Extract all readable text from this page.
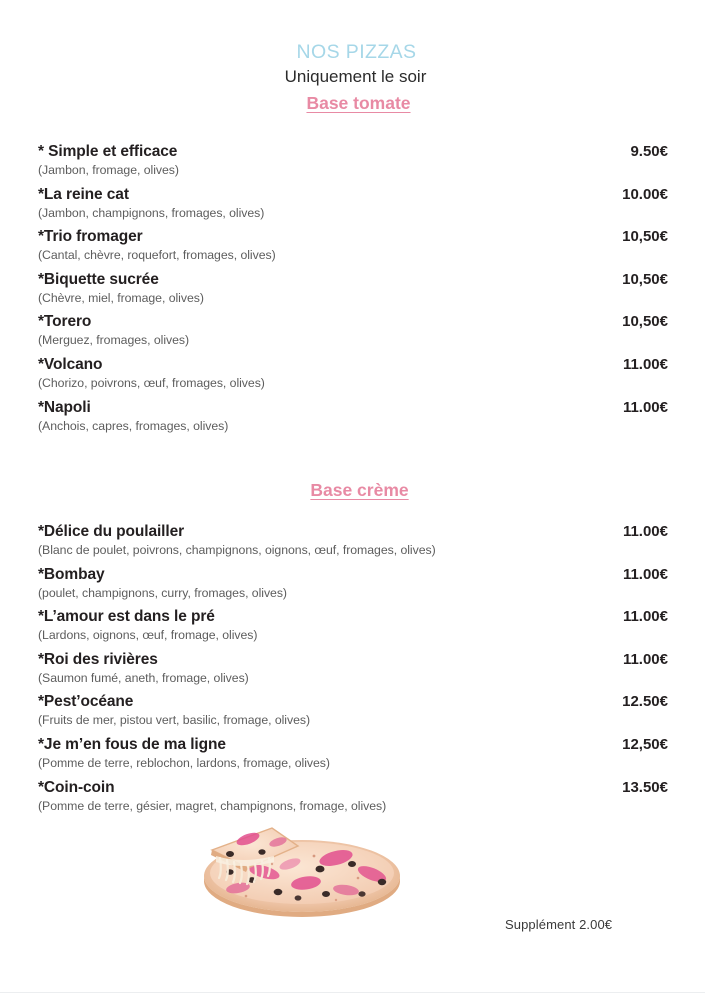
NOS PIZZAS
Uniquement le soir
Base tomate
* Simple et efficace	9.50€
(Jambon, fromage, olives)
*La reine cat	10.00€
(Jambon, champignons, fromages, olives)
*Trio fromager	10,50€
(Cantal, chèvre, roquefort, fromages, olives)
*Biquette sucrée	10,50€
(Chèvre, miel, fromage, olives)
*Torero	10,50€
(Merguez, fromages, olives)
*Volcano	11.00€
(Chorizo, poivrons, œuf, fromages, olives)
*Napoli	11.00€
(Anchois, capres, fromages, olives)
Base crème
*Délice du poulailler	11.00€
(Blanc de poulet, poivrons, champignons, oignons, œuf, fromages, olives)
*Bombay	11.00€
(poulet, champignons, curry, fromages, olives)
*L’amour est dans le pré	11.00€
(Lardons, oignons, œuf, fromage, olives)
*Roi des rivières	11.00€
(Saumon fumé, aneth, fromage, olives)
*Pest’océane	12.50€
(Fruits de mer, pistou vert, basilic, fromage, olives)
*Je m’en fous de ma ligne	12,50€
(Pomme de terre, reblochon, lardons, fromage, olives)
*Coin-coin	13.50€
(Pomme de terre, gésier, magret, champignons, fromage, olives)
Supplément 2.00€
